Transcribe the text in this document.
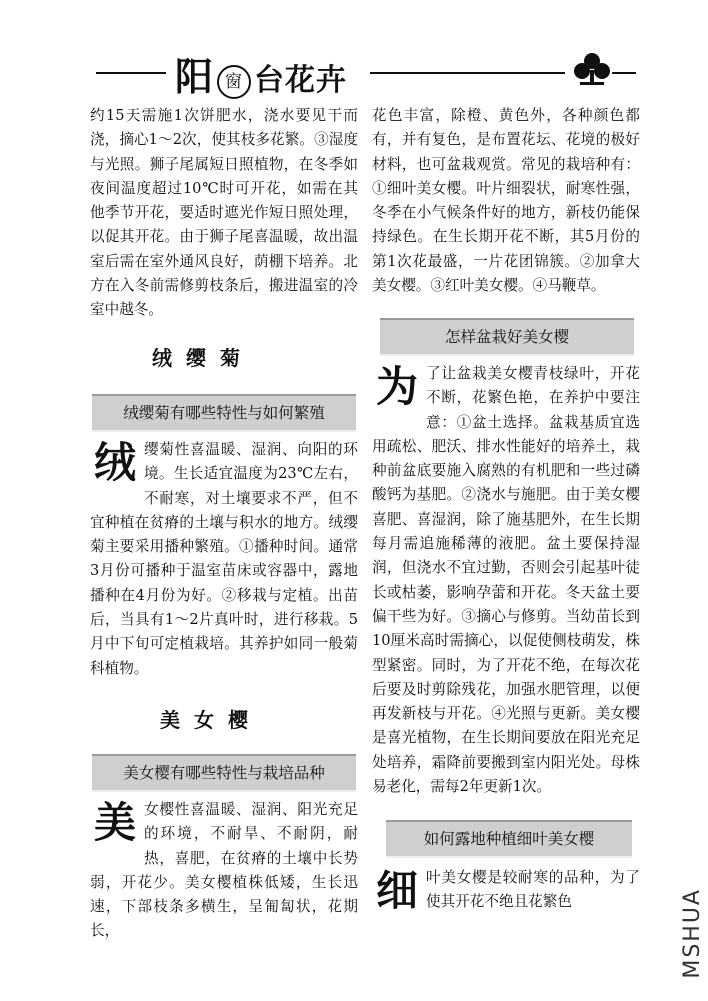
阳 窗 台花卉

约15天需施1次饼肥水，浇水要见干而浇，摘心1～2次，使其枝多花繁。③湿度与光照。狮子尾属短日照植物，在冬季如夜间温度超过10℃时可开花，如需在其他季节开花，要适时遮光作短日照处理，以促其开花。由于狮子尾喜温暖，故出温室后需在室外通风良好，荫棚下培养。北方在入冬前需修剪枝条后，搬进温室的冷室中越冬。

绒缨菊
绒缨菊有哪些特性与如何繁殖

绒缨菊性喜温暖、湿润、向阳的环境。生长适宜温度为23℃左右，不耐寒，对土壤要求不严，但不宜种植在贫瘠的土壤与积水的地方。绒缨菊主要采用播种繁殖。①播种时间。通常3月份可播种于温室苗床或容器中，露地播种在4月份为好。②移栽与定植。出苗后，当具有1～2片真叶时，进行移栽。5月中下旬可定植栽培。其养护如同一般菊科植物。

美女樱
美女樱有哪些特性与栽培品种

美女樱性喜温暖、湿润、阳光充足的环境，不耐旱、不耐阴，耐热，喜肥，在贫瘠的土壤中长势弱，开花少。美女樱植株低矮，生长迅速，下部枝条多横生，呈匍匐状，花期长，

花色丰富，除橙、黄色外，各种颜色都有，并有复色，是布置花坛、花境的极好材料，也可盆栽观赏。常见的栽培种有：①细叶美女樱。叶片细裂状，耐寒性强，冬季在小气候条件好的地方，新枝仍能保持绿色。在生长期开花不断，其5月份的第1次花最盛，一片花团锦簇。②加拿大美女樱。③红叶美女樱。④马鞭草。

怎样盆栽好美女樱

为了让盆栽美女樱青枝绿叶，开花不断，花繁色艳，在养护中要注意：①盆土选择。盆栽基质宜选用疏松、肥沃、排水性能好的培养土，栽种前盆底要施入腐熟的有机肥和一些过磷酸钙为基肥。②浇水与施肥。由于美女樱喜肥、喜湿润，除了施基肥外，在生长期每月需追施稀薄的液肥。盆土要保持湿润，但浇水不宜过勤，否则会引起基叶徒长或枯萎，影响孕蕾和开花。冬天盆土要偏干些为好。③摘心与修剪。当幼苗长到10厘米高时需摘心，以促使侧枝萌发，株型紧密。同时，为了开花不绝，在每次花后要及时剪除残花，加强水肥管理，以便再发新枝与开花。④光照与更新。美女樱是喜光植物，在生长期间要放在阳光充足处培养，霜降前要搬到室内阳光处。母株易老化，需每2年更新1次。

如何露地种植细叶美女樱

细叶美女樱是较耐寒的品种，为了使其开花不绝且花繁色	MSHUA
